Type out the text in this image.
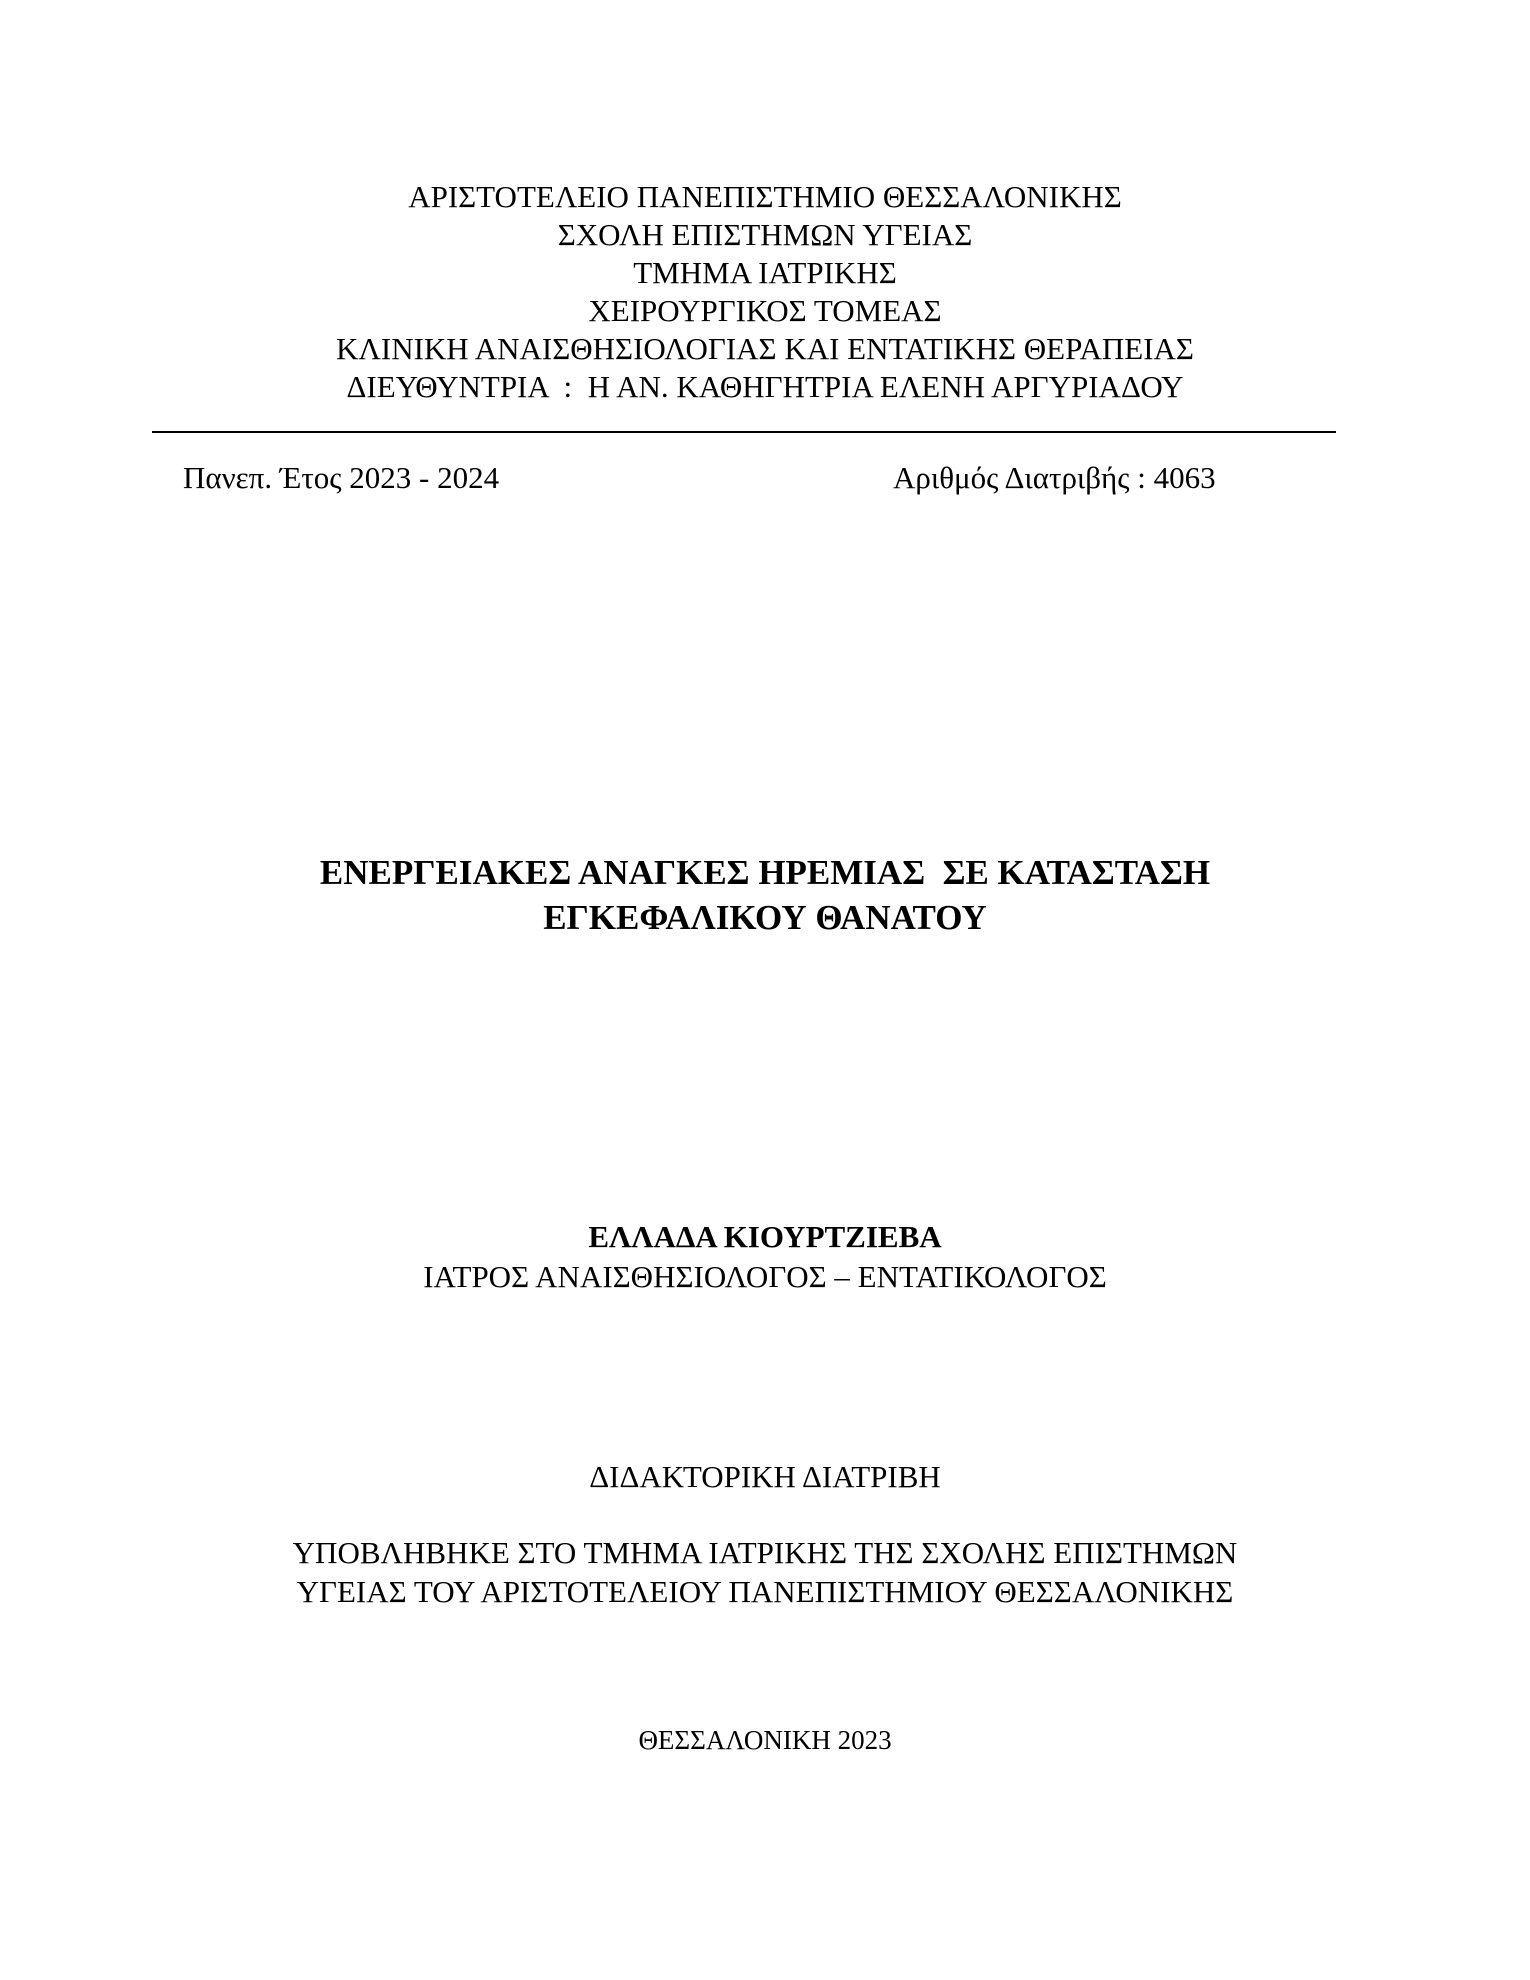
ΑΡΙΣΤΟΤΕΛΕΙΟ ΠΑΝΕΠΙΣΤΗΜΙΟ ΘΕΣΣΑΛΟΝΙΚΗΣ
ΣΧΟΛΗ ΕΠΙΣΤΗΜΩΝ ΥΓΕΙΑΣ
ΤΜΗΜΑ ΙΑΤΡΙΚΗΣ
ΧΕΙΡΟΥΡΓΙΚΟΣ ΤΟΜΕΑΣ
ΚΛΙΝΙΚΗ ΑΝΑΙΣΘΗΣΙΟΛΟΓΙΑΣ ΚΑΙ ΕΝΤΑΤΙΚΗΣ ΘΕΡΑΠΕΙΑΣ
ΔΙΕΥΘΥΝΤΡΙΑ  :  Η ΑΝ. ΚΑΘΗΓΗΤΡΙΑ ΕΛΕΝΗ ΑΡΓΥΡΙΑΔΟΥ
Πανεπ. Έτος 2023 - 2024	Αριθμός Διατριβής : 4063
ΕΝΕΡΓΕΙΑΚΕΣ ΑΝΑΓΚΕΣ ΗΡΕΜΙΑΣ  ΣΕ ΚΑΤΑΣΤΑΣΗ
ΕΓΚΕΦΑΛΙΚΟΥ ΘΑΝΑΤΟΥ
ΕΛΛΑΔΑ ΚΙΟΥΡΤΖΙΕΒΑ
ΙΑΤΡΟΣ ΑΝΑΙΣΘΗΣΙΟΛΟΓΟΣ – ΕΝΤΑΤΙΚΟΛΟΓΟΣ
ΔΙΔΑΚΤΟΡΙΚΗ ΔΙΑΤΡΙΒΗ
ΥΠΟΒΛΗΒΗΚΕ ΣΤΟ ΤΜΗΜΑ ΙΑΤΡΙΚΗΣ ΤΗΣ ΣΧΟΛΗΣ ΕΠΙΣΤΗΜΩΝ
ΥΓΕΙΑΣ ΤΟΥ ΑΡΙΣΤΟΤΕΛΕΙΟΥ ΠΑΝΕΠΙΣΤΗΜΙΟΥ ΘΕΣΣΑΛΟΝΙΚΗΣ
ΘΕΣΣΑΛΟΝΙΚΗ 2023
